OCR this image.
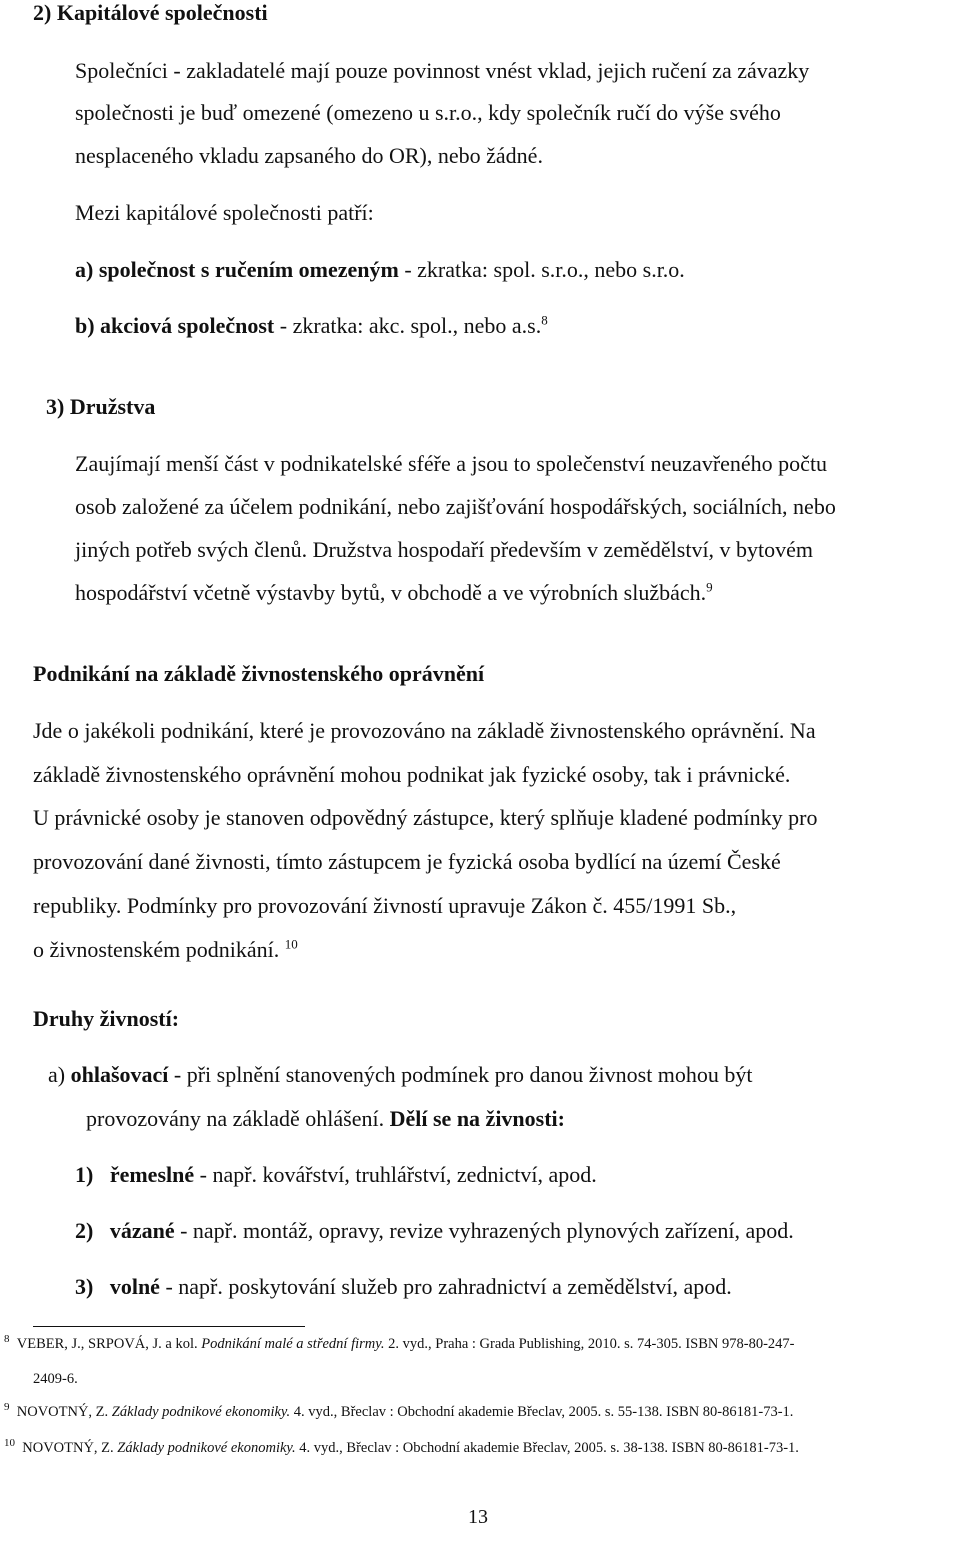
2) Kapitálové společnosti
Společníci - zakladatelé mají pouze povinnost vnést vklad, jejich ručení za závazky
společnosti je buď omezené (omezeno u s.r.o., kdy společník ručí do výše svého
nesplaceného vkladu zapsaného do OR), nebo žádné.
Mezi kapitálové společnosti patří:
a) společnost s ručením omezeným - zkratka: spol. s.r.o., nebo s.r.o.
b) akciová společnost - zkratka: akc. spol., nebo a.s.$^8$
3) Družstva
Zaujímají menší část v podnikatelské sféře a jsou to společenství neuzavřeného počtu
osob založené za účelem podnikání, nebo zajišťování hospodářských, sociálních, nebo
jiných potřeb svých členů. Družstva hospodaří především v zemědělství, v bytovém
hospodářství včetně výstavby bytů, v obchodě a ve výrobních službách.$^9$
Podnikání na základě živnostenského oprávnění
Jde o jakékoli podnikání, které je provozováno na základě živnostenského oprávnění. Na
základě živnostenského oprávnění mohou podnikat jak fyzické osoby, tak i právnické.
U právnické osoby je stanoven odpovědný zástupce, který splňuje kladené podmínky pro
provozování dané živnosti, tímto zástupcem je fyzická osoba bydlící na území České
republiky. Podmínky pro provozování živností upravuje Zákon č. 455/1991 Sb.,
o živnostenském podnikání. $^{10}$
Druhy živností:
a) ohlašovací - při splnění stanovených podmínek pro danou živnost mohou být
provozovány na základě ohlášení. Dělí se na živnosti:
1) řemeslné - např. kovářství, truhlářství, zednictví, apod.
2) vázané - např. montáž, opravy, revize vyhrazených plynových zařízení, apod.
3) volné - např. poskytování služeb pro zahradnictví a zemědělství, apod.
$^8$ VEBER, J., SRPOVÁ, J. a kol. Podnikání malé a střední firmy. 2. vyd., Praha : Grada Publishing, 2010. s. 74-305. ISBN 978-80-247-
2409-6.
$^9$ NOVOTNÝ, Z. Základy podnikové ekonomiky. 4. vyd., Břeclav : Obchodní akademie Břeclav, 2005. s. 55-138. ISBN 80-86181-73-1.
$^{10}$ NOVOTNÝ, Z. Základy podnikové ekonomiky. 4. vyd., Břeclav : Obchodní akademie Břeclav, 2005. s. 38-138. ISBN 80-86181-73-1.
13
